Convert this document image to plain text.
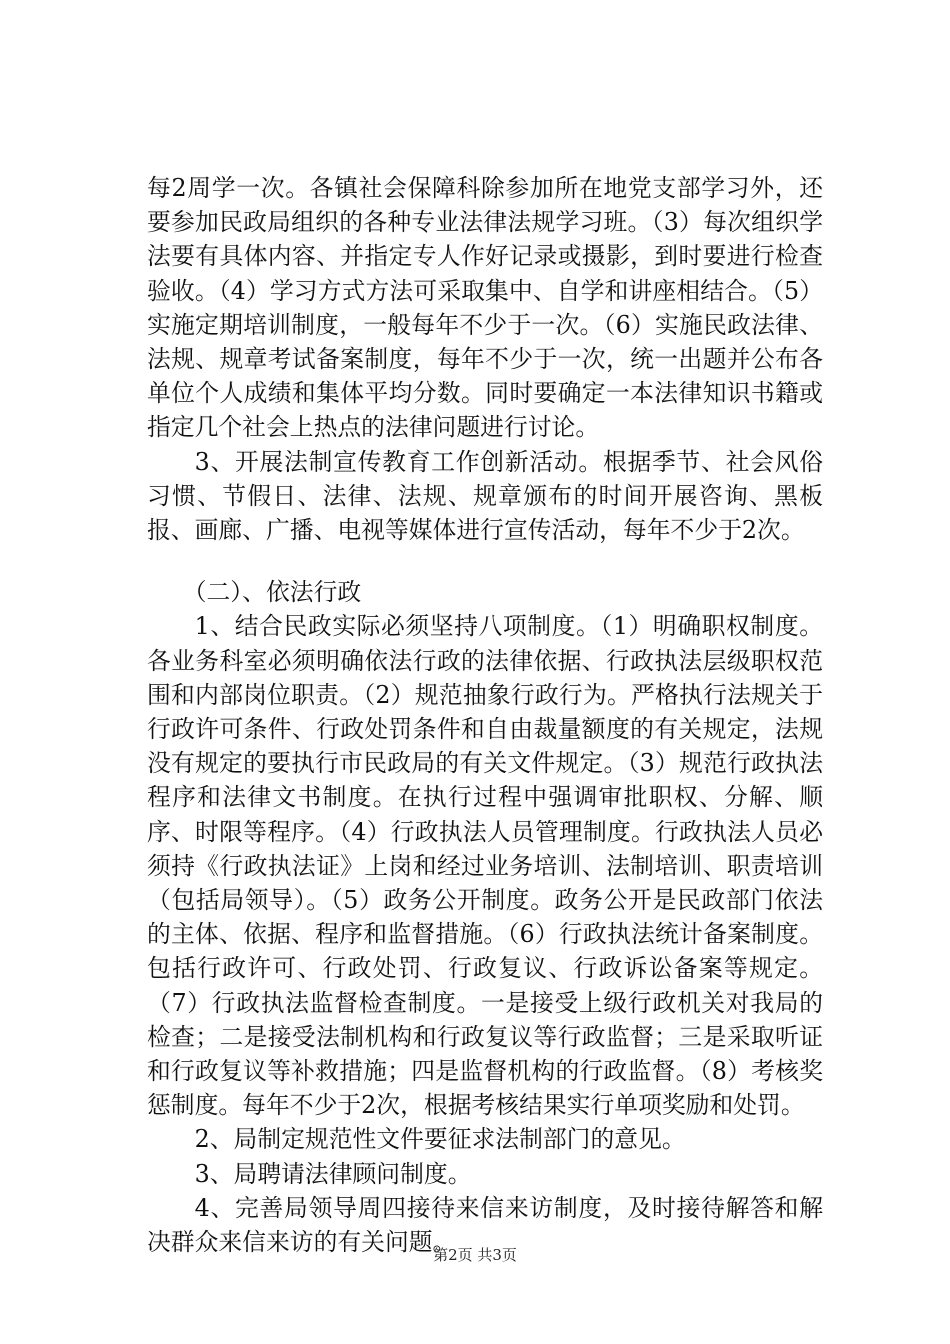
每2周学一次。各镇社会保障科除参加所在地党支部学习外，还要参加民政局组织的各种专业法律法规学习班。（3）每次组织学法要有具体内容、并指定专人作好记录或摄影，到时要进行检查验收。（4）学习方式方法可采取集中、自学和讲座相结合。（5）实施定期培训制度，一般每年不少于一次。（6）实施民政法律、法规、规章考试备案制度，每年不少于一次，统一出题并公布各单位个人成绩和集体平均分数。同时要确定一本法律知识书籍或指定几个社会上热点的法律问题进行讨论。

3、开展法制宣传教育工作创新活动。根据季节、社会风俗习惯、节假日、法律、法规、规章颁布的时间开展咨询、黑板报、画廊、广播、电视等媒体进行宣传活动，每年不少于2次。

（二）、依法行政

1、结合民政实际必须坚持八项制度。（1）明确职权制度。各业务科室必须明确依法行政的法律依据、行政执法层级职权范围和内部岗位职责。（2）规范抽象行政行为。严格执行法规关于行政许可条件、行政处罚条件和自由裁量额度的有关规定，法规没有规定的要执行市民政局的有关文件规定。（3）规范行政执法程序和法律文书制度。在执行过程中强调审批职权、分解、顺序、时限等程序。（4）行政执法人员管理制度。行政执法人员必须持《行政执法证》上岗和经过业务培训、法制培训、职责培训（包括局领导）。（5）政务公开制度。政务公开是民政部门依法的主体、依据、程序和监督措施。（6）行政执法统计备案制度。包括行政许可、行政处罚、行政复议、行政诉讼备案等规定。（7）行政执法监督检查制度。一是接受上级行政机关对我局的检查；二是接受法制机构和行政复议等行政监督；三是采取听证和行政复议等补救措施；四是监督机构的行政监督。（8）考核奖惩制度。每年不少于2次，根据考核结果实行单项奖励和处罚。

2、局制定规范性文件要征求法制部门的意见。

3、局聘请法律顾问制度。

4、完善局领导周四接待来信来访制度，及时接待解答和解决群众来信来访的有关问题。

第2页 共3页
